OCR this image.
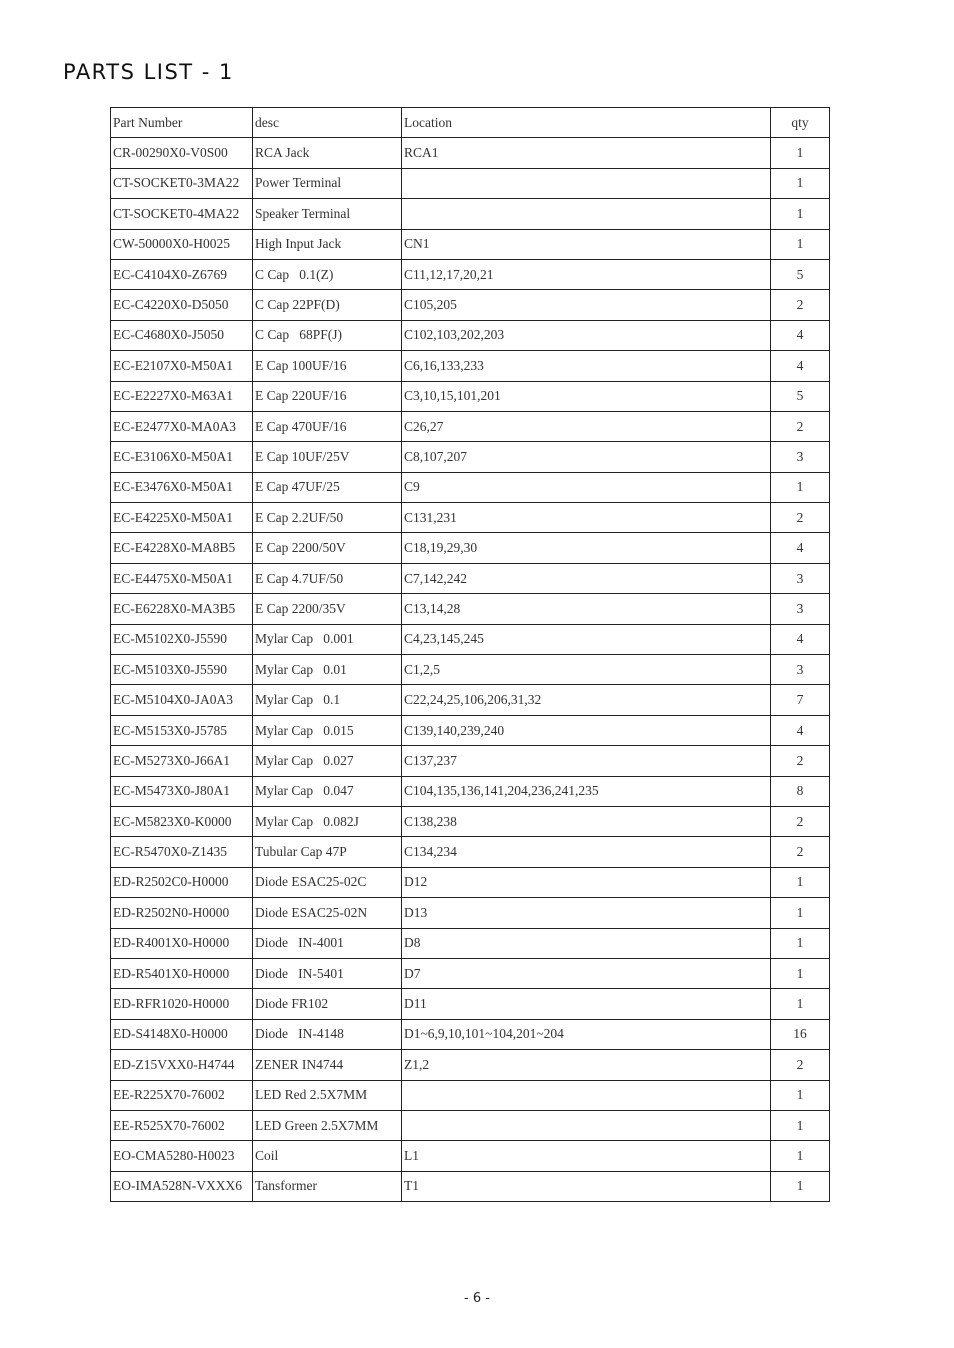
PARTS LIST - 1
Part Number	desc	Location	qty
CR-00290X0-V0S00	RCA Jack	RCA1	1
CT-SOCKET0-3MA22	Power Terminal		1
CT-SOCKET0-4MA22	Speaker Terminal		1
CW-50000X0-H0025	High Input Jack	CN1	1
EC-C4104X0-Z6769	C Cap   0.1(Z)	C11,12,17,20,21	5
EC-C4220X0-D5050	C Cap 22PF(D)	C105,205	2
EC-C4680X0-J5050	C Cap   68PF(J)	C102,103,202,203	4
EC-E2107X0-M50A1	E Cap 100UF/16	C6,16,133,233	4
EC-E2227X0-M63A1	E Cap 220UF/16	C3,10,15,101,201	5
EC-E2477X0-MA0A3	E Cap 470UF/16	C26,27	2
EC-E3106X0-M50A1	E Cap 10UF/25V	C8,107,207	3
EC-E3476X0-M50A1	E Cap 47UF/25	C9	1
EC-E4225X0-M50A1	E Cap 2.2UF/50	C131,231	2
EC-E4228X0-MA8B5	E Cap 2200/50V	C18,19,29,30	4
EC-E4475X0-M50A1	E Cap 4.7UF/50	C7,142,242	3
EC-E6228X0-MA3B5	E Cap 2200/35V	C13,14,28	3
EC-M5102X0-J5590	Mylar Cap   0.001	C4,23,145,245	4
EC-M5103X0-J5590	Mylar Cap   0.01	C1,2,5	3
EC-M5104X0-JA0A3	Mylar Cap   0.1	C22,24,25,106,206,31,32	7
EC-M5153X0-J5785	Mylar Cap   0.015	C139,140,239,240	4
EC-M5273X0-J66A1	Mylar Cap   0.027	C137,237	2
EC-M5473X0-J80A1	Mylar Cap   0.047	C104,135,136,141,204,236,241,235	8
EC-M5823X0-K0000	Mylar Cap   0.082J	C138,238	2
EC-R5470X0-Z1435	Tubular Cap 47P	C134,234	2
ED-R2502C0-H0000	Diode ESAC25-02C	D12	1
ED-R2502N0-H0000	Diode ESAC25-02N	D13	1
ED-R4001X0-H0000	Diode   IN-4001	D8	1
ED-R5401X0-H0000	Diode   IN-5401	D7	1
ED-RFR1020-H0000	Diode FR102	D11	1
ED-S4148X0-H0000	Diode   IN-4148	D1~6,9,10,101~104,201~204	16
ED-Z15VXX0-H4744	ZENER IN4744	Z1,2	2
EE-R225X70-76002	LED Red 2.5X7MM		1
EE-R525X70-76002	LED Green 2.5X7MM		1
EO-CMA5280-H0023	Coil	L1	1
EO-IMA528N-VXXX6	Tansformer	T1	1
- 6 -
